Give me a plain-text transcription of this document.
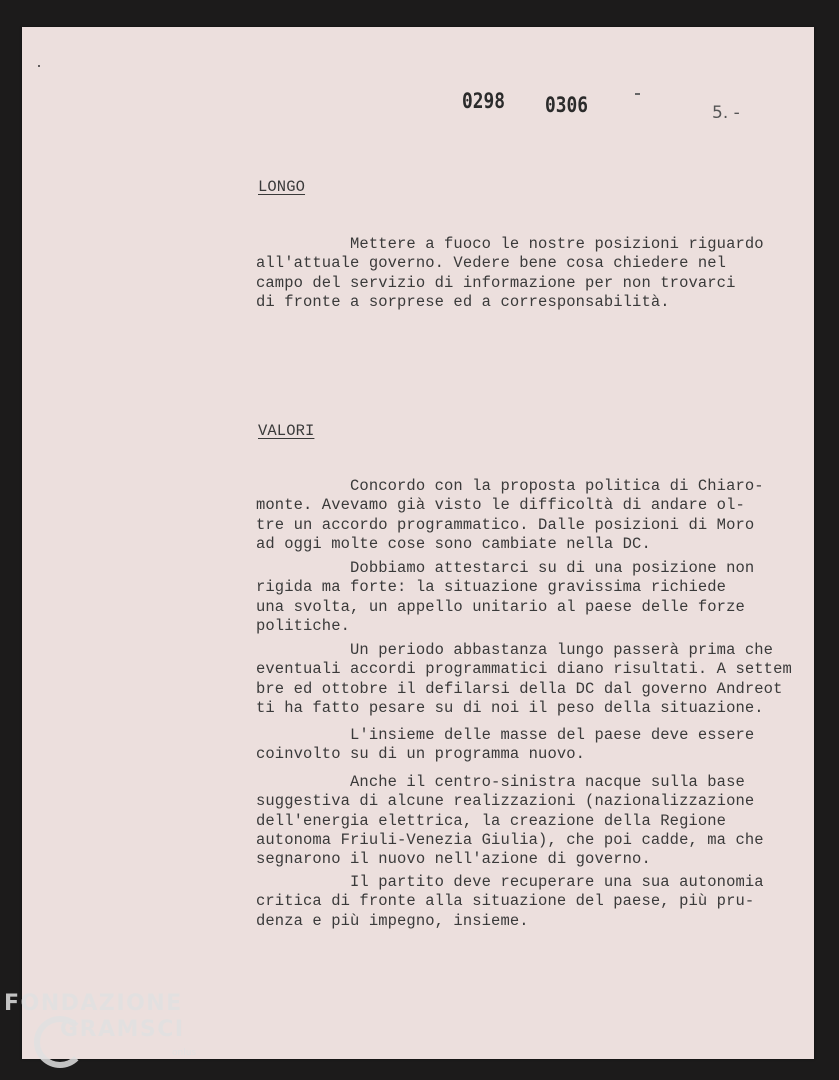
0298 0306	5. -
LONGO

Mettere a fuoco le nostre posizioni riguardo
all'attuale governo. Vedere bene cosa chiedere nel
campo del servizio di informazione per non trovarci
di fronte a sorprese ed a corresponsabilità.

VALORI

Concordo con la proposta politica di Chiaro-
monte. Avevamo già visto le difficoltà di andare ol-
tre un accordo programmatico. Dalle posizioni di Moro
ad oggi molte cose sono cambiate nella DC.

Dobbiamo attestarci su di una posizione non
rigida ma forte: la situazione gravissima richiede
una svolta, un appello unitario al paese delle forze
politiche.

Un periodo abbastanza lungo passerà prima che
eventuali accordi programmatici diano risultati. A settem
bre ed ottobre il defilarsi della DC dal governo Andreot
ti ha fatto pesare su di noi il peso della situazione.

L'insieme delle masse del paese deve essere
coinvolto su di un programma nuovo.

Anche il centro-sinistra nacque sulla base
suggestiva di alcune realizzazioni (nazionalizzazione
dell'energia elettrica, la creazione della Regione
autonoma Friuli-Venezia Giulia), che poi cadde, ma che
segnarono il nuovo nell'azione di governo.

Il partito deve recuperare una sua autonomia
critica di fronte alla situazione del paese, più pru-
denza e più impegno, insieme.

FONDAZIONE
GRAMSCI
onlus
